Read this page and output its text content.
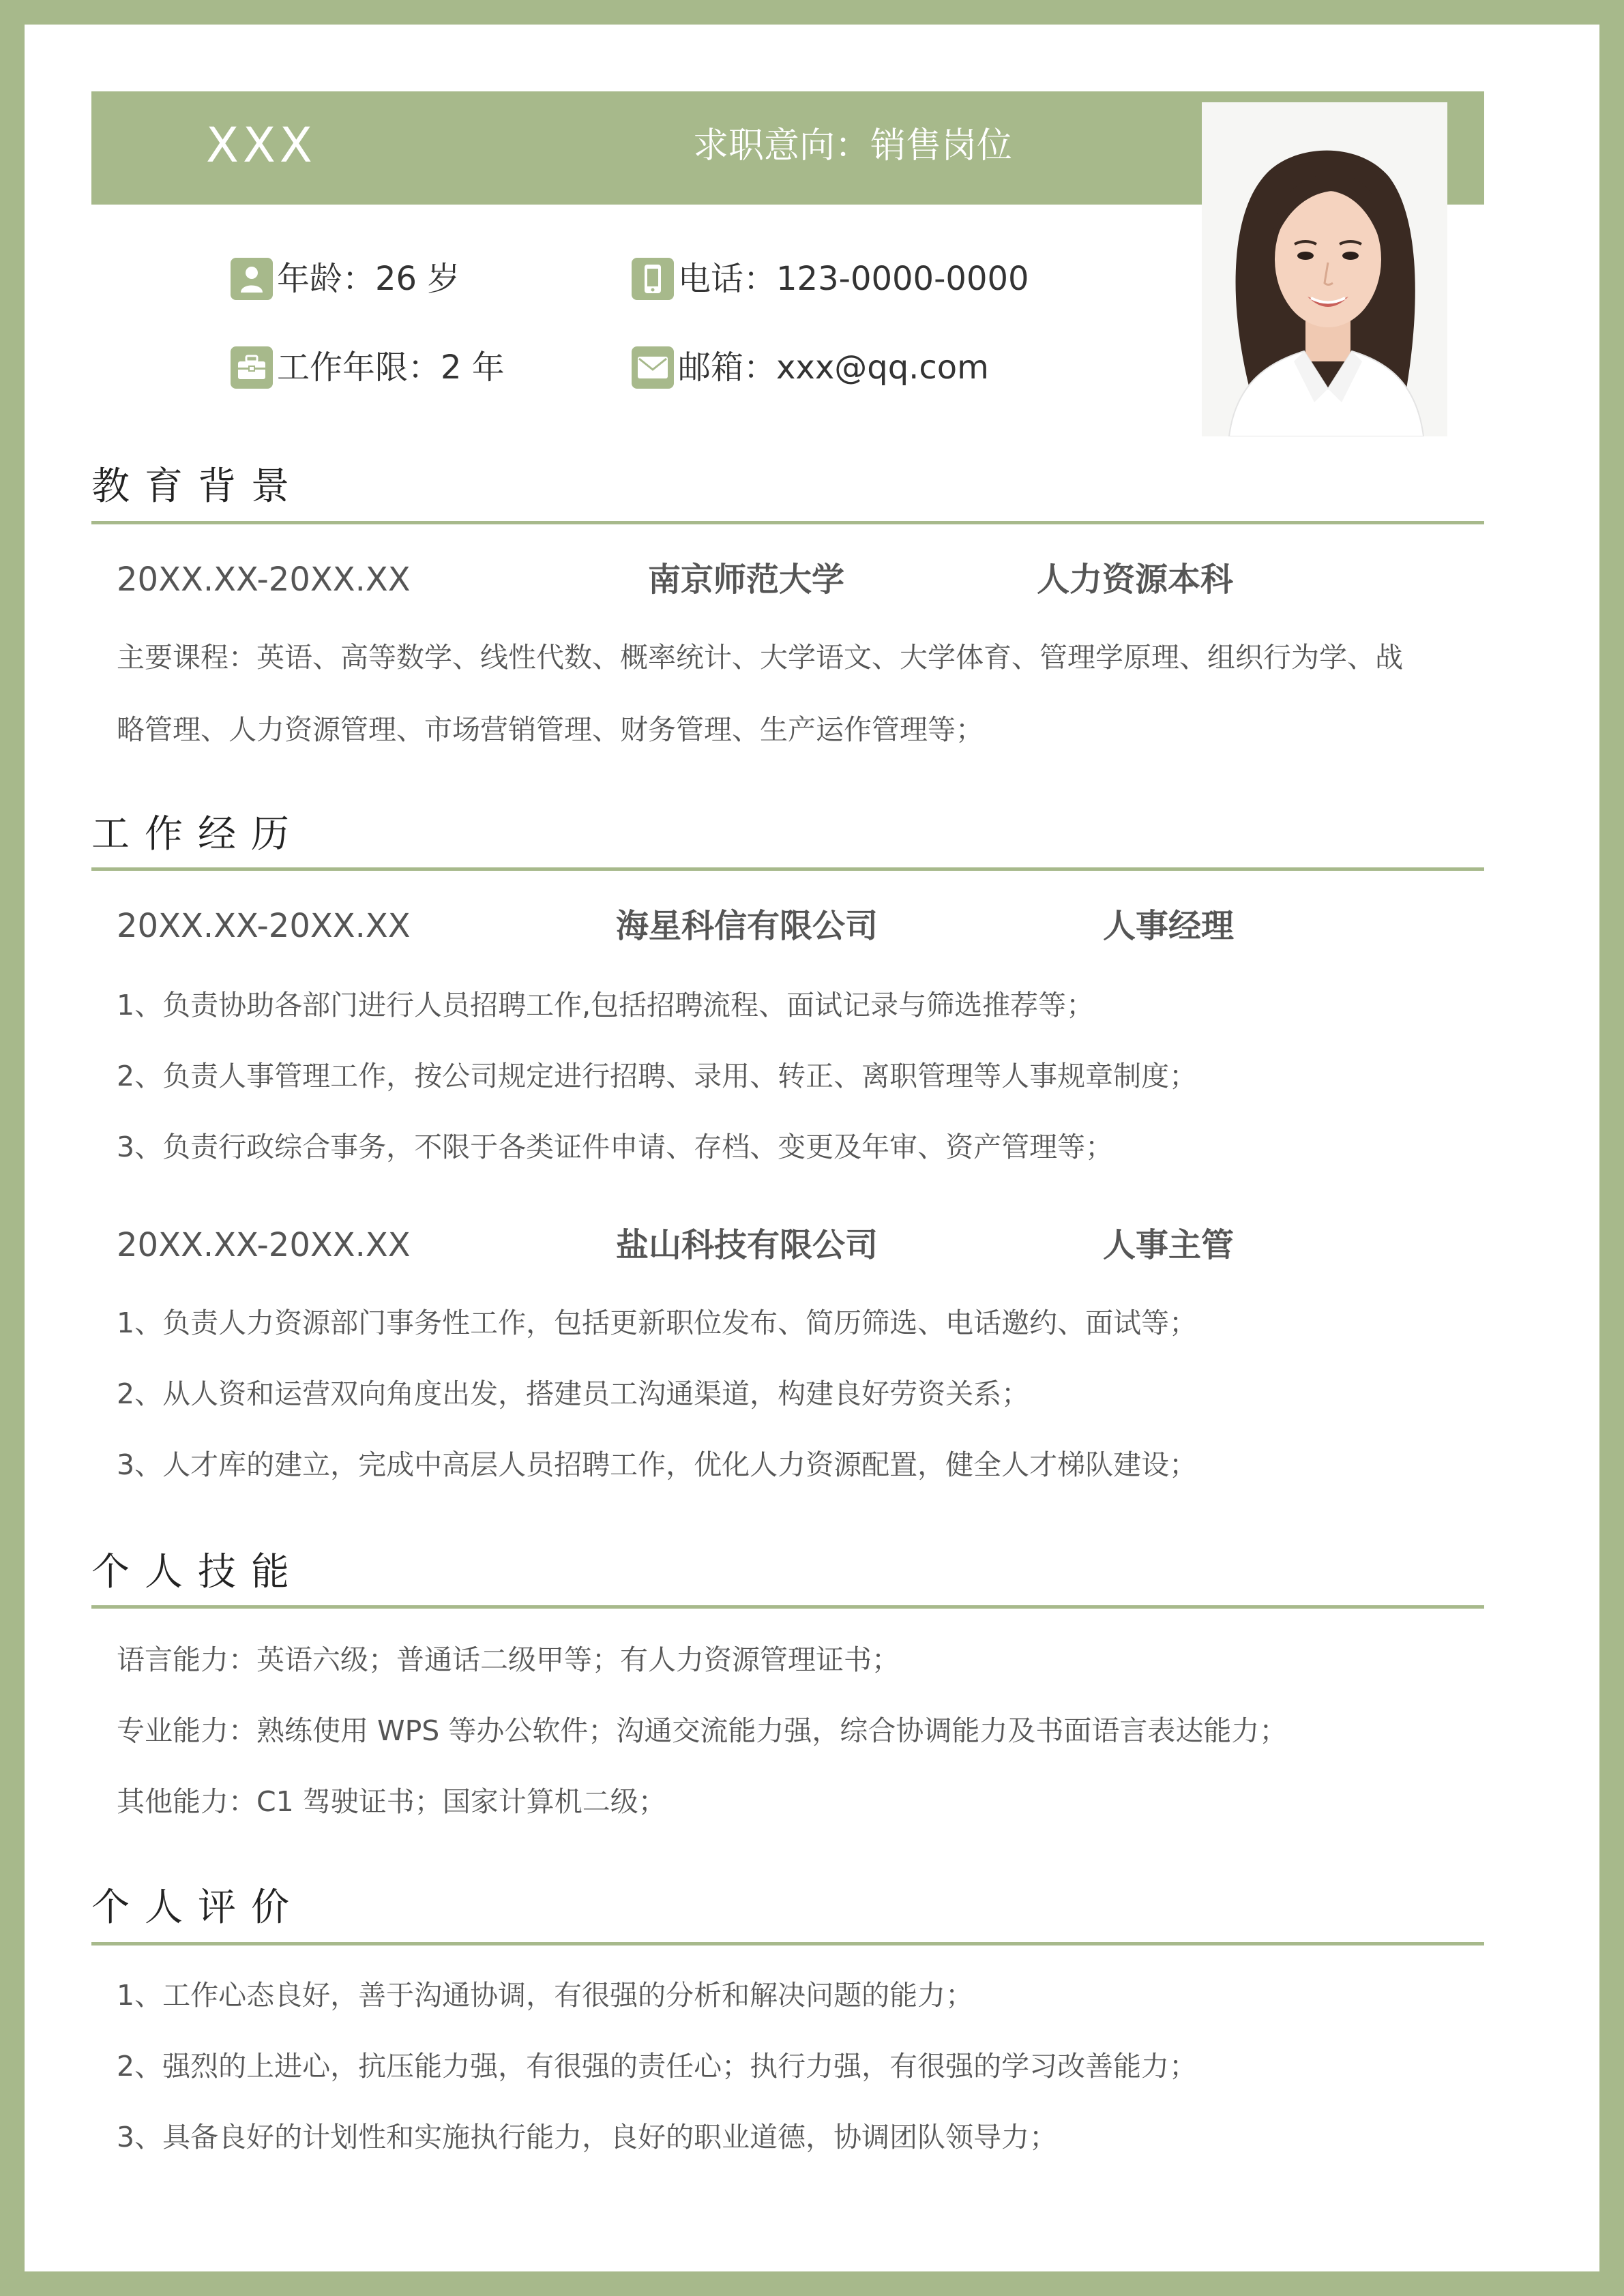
XXX	求职意向：销售岗位
年龄：26 岁	电话：123-0000-0000
工作年限：2 年	邮箱：xxx@qq.com
教育背景
20XX.XX-20XX.XX	南京师范大学	人力资源本科
主要课程：英语、高等数学、线性代数、概率统计、大学语文、大学体育、管理学原理、组织行为学、战
略管理、人力资源管理、市场营销管理、财务管理、生产运作管理等；
工作经历
20XX.XX-20XX.XX	海星科信有限公司	人事经理
1、负责协助各部门进行人员招聘工作,包括招聘流程、面试记录与筛选推荐等；
2、负责人事管理工作，按公司规定进行招聘、录用、转正、离职管理等人事规章制度；
3、负责行政综合事务，不限于各类证件申请、存档、变更及年审、资产管理等；
20XX.XX-20XX.XX	盐山科技有限公司	人事主管
1、负责人力资源部门事务性工作，包括更新职位发布、简历筛选、电话邀约、面试等；
2、从人资和运营双向角度出发，搭建员工沟通渠道，构建良好劳资关系；
3、人才库的建立，完成中高层人员招聘工作，优化人力资源配置，健全人才梯队建设；
个人技能
语言能力：英语六级；普通话二级甲等；有人力资源管理证书；
专业能力：熟练使用 WPS 等办公软件；沟通交流能力强，综合协调能力及书面语言表达能力；
其他能力：C1 驾驶证书；国家计算机二级；
个人评价
1、工作心态良好，善于沟通协调，有很强的分析和解决问题的能力；
2、强烈的上进心，抗压能力强，有很强的责任心；执行力强，有很强的学习改善能力；
3、具备良好的计划性和实施执行能力，良好的职业道德，协调团队领导力；
